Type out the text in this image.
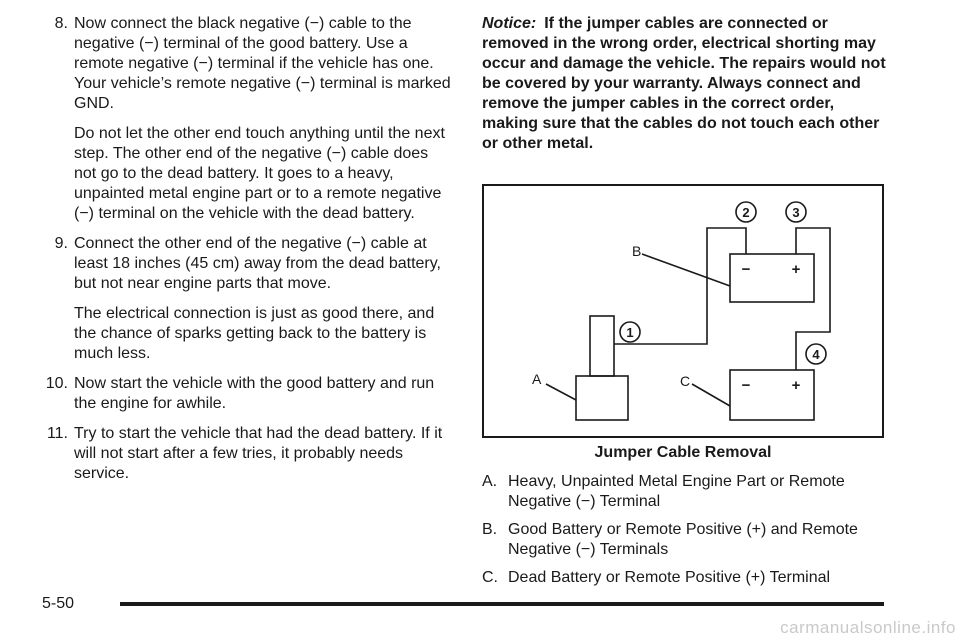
8. Now connect the black negative (−) cable to the negative (−) terminal of the good battery. Use a remote negative (−) terminal if the vehicle has one. Your vehicle’s remote negative (−) terminal is marked GND.

Do not let the other end touch anything until the next step. The other end of the negative (−) cable does not go to the dead battery. It goes to a heavy, unpainted metal engine part or to a remote negative (−) terminal on the vehicle with the dead battery.

9. Connect the other end of the negative (−) cable at least 18 inches (45 cm) away from the dead battery, but not near engine parts that move.

The electrical connection is just as good there, and the chance of sparks getting back to the battery is much less.

10. Now start the vehicle with the good battery and run the engine for awhile.

11. Try to start the vehicle that had the dead battery. If it will not start after a few tries, it probably needs service.

Notice: If the jumper cables are connected or removed in the wrong order, electrical shorting may occur and damage the vehicle. The repairs would not be covered by your warranty. Always connect and remove the jumper cables in the correct order, making sure that the cables do not touch each other or other metal.

1
2	3
4
B
A	C
−	+
−	+
Jumper Cable Removal
A. Heavy, Unpainted Metal Engine Part or Remote Negative (−) Terminal
B. Good Battery or Remote Positive (+) and Remote Negative (−) Terminals
C. Dead Battery or Remote Positive (+) Terminal
5-50
carmanualsonline.info
